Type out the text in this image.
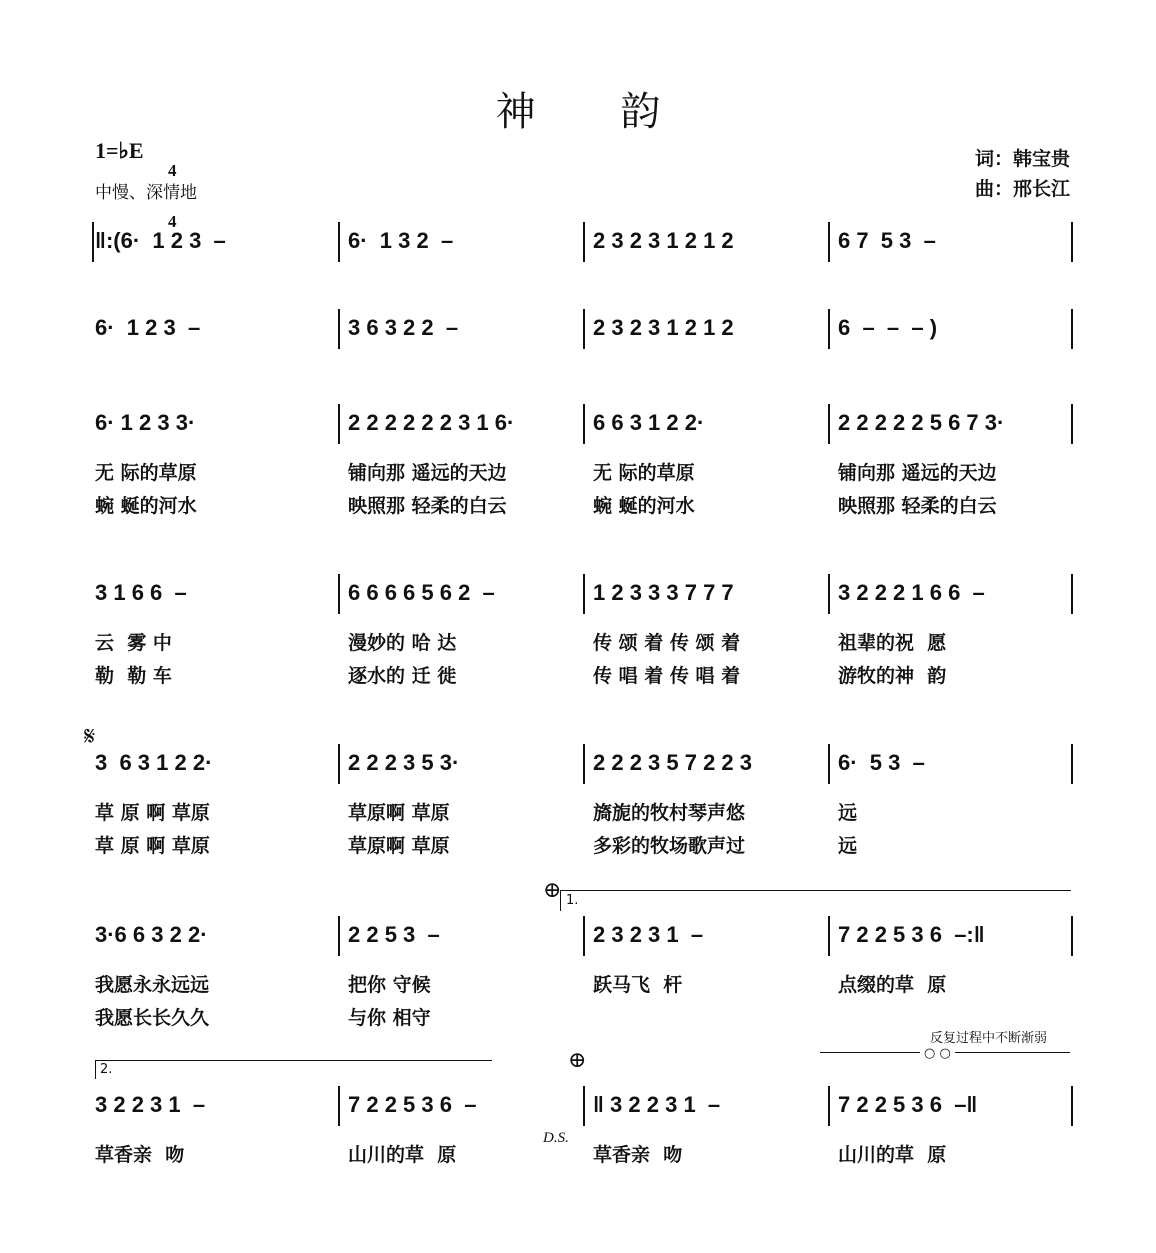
神 韵
1=♭E

4

4

中慢、深情地
词：韩宝贵
曲：邢长江
‖:(6·  1 2 3  –	6·  1 3 2  –	2 3 2 3 1 2 1 2	6 7  5 3  –
6·  1 2 3  –	3 6 3 2 2  –	2 3 2 3 1 2 1 2	6  –  –  – )
6· 1 2 3 3·	2 2 2 2 2 2 3 1 6·	6 6 3 1 2 2·	2 2 2 2 2 5 6 7 3·
无 际的草原	铺向那 遥远的天边	无 际的草原	铺向那 遥远的天边
蜿 蜒的河水	映照那 轻柔的白云	蜿 蜒的河水	映照那 轻柔的白云
3 1 6 6  –	6 6 6 6 5 6 2  –	1 2 3 3 3 7 7 7	3 2 2 2 1 6 6  –
云  雾 中	漫妙的 哈 达	传 颂 着 传 颂 着	祖辈的祝  愿
勒  勒 车	逐水的 迁 徙	传 唱 着 传 唱 着	游牧的神  韵
3  6 3 1 2 2·	2 2 2 3 5 3·	2 2 2 3 5 7 2 2 3	6·  5 3  –
草 原 啊 草原	草原啊 草原	旖旎的牧村琴声悠	远
草 原 啊 草原	草原啊 草原	多彩的牧场歌声过	远
3·6 6 3 2 2·	2 2 5 3  –	2 3 2 3 1  –	7 2 2 5 3 6  –:‖
我愿永永远远	把你 守候	跃马飞  杆	点缀的草  原
我愿长长久久	与你 相守
3 2 2 3 1  –	7 2 2 5 3 6  –	‖ 3 2 2 3 1  –	7 2 2 5 3 6  –‖
草香亲  吻	山川的草  原	草香亲  吻	山川的草  原
𝄋
⊕
⊕
1.
2.
D.S.
反复过程中不断渐弱
○ ○
